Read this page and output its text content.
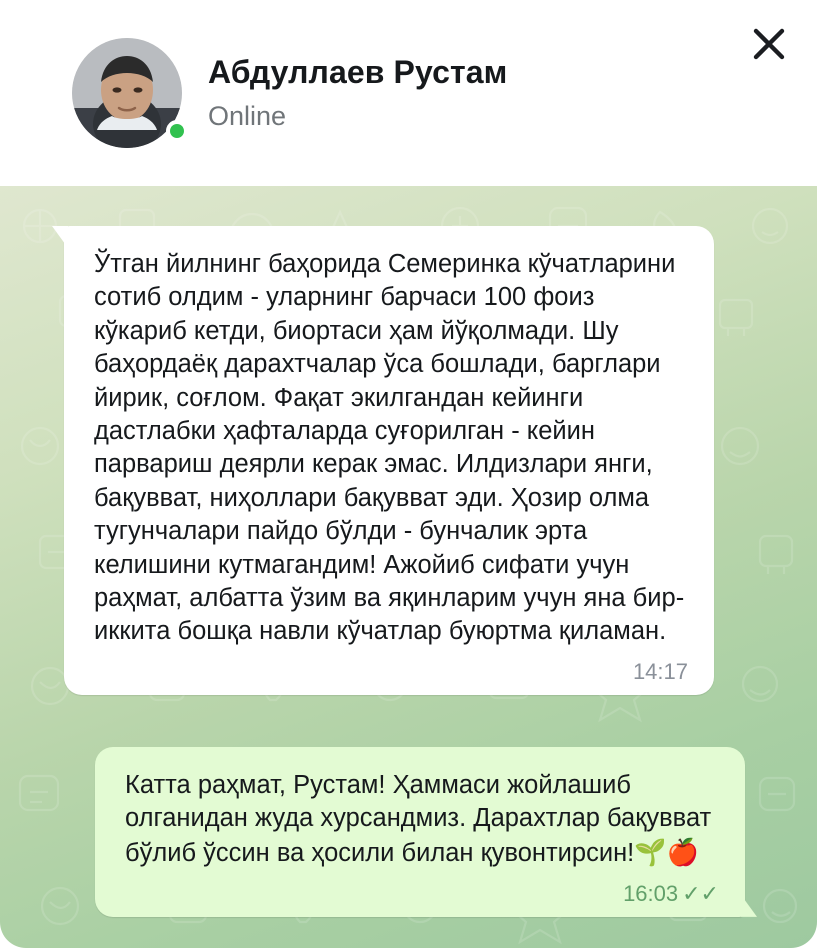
Абдуллаев Рустам
Online
Ўтган йилнинг баҳорида Семеринка кўчатларини сотиб олдим - уларнинг барчаси 100 фоиз кўкариб кетди, биортаси ҳам йўқолмади. Шу баҳордаёқ дарахтчалар ўса бошлади, барглари йирик, соғлом. Фақат экилгандан кейинги дастлабки ҳафталарда суғорилган - кейин парвариш деярли керак эмас. Илдизлари янги, бақувват, ниҳоллари бақувват эди. Ҳозир олма тугунчалари пайдо бўлди - бунчалик эрта келишини кутмагандим! Ажойиб сифати учун раҳмат, албатта ўзим ва яқинларим учун яна бир-иккита бошқа навли кўчатлар буюртма қиламан.
14:17
Катта раҳмат, Рустам! Ҳаммаси жойлашиб олганидан жуда хурсандмиз. Дарахтлар бақувват бўлиб ўссин ва ҳосили билан қувонтирсин!🌱🍎
16:03 ✓✓
